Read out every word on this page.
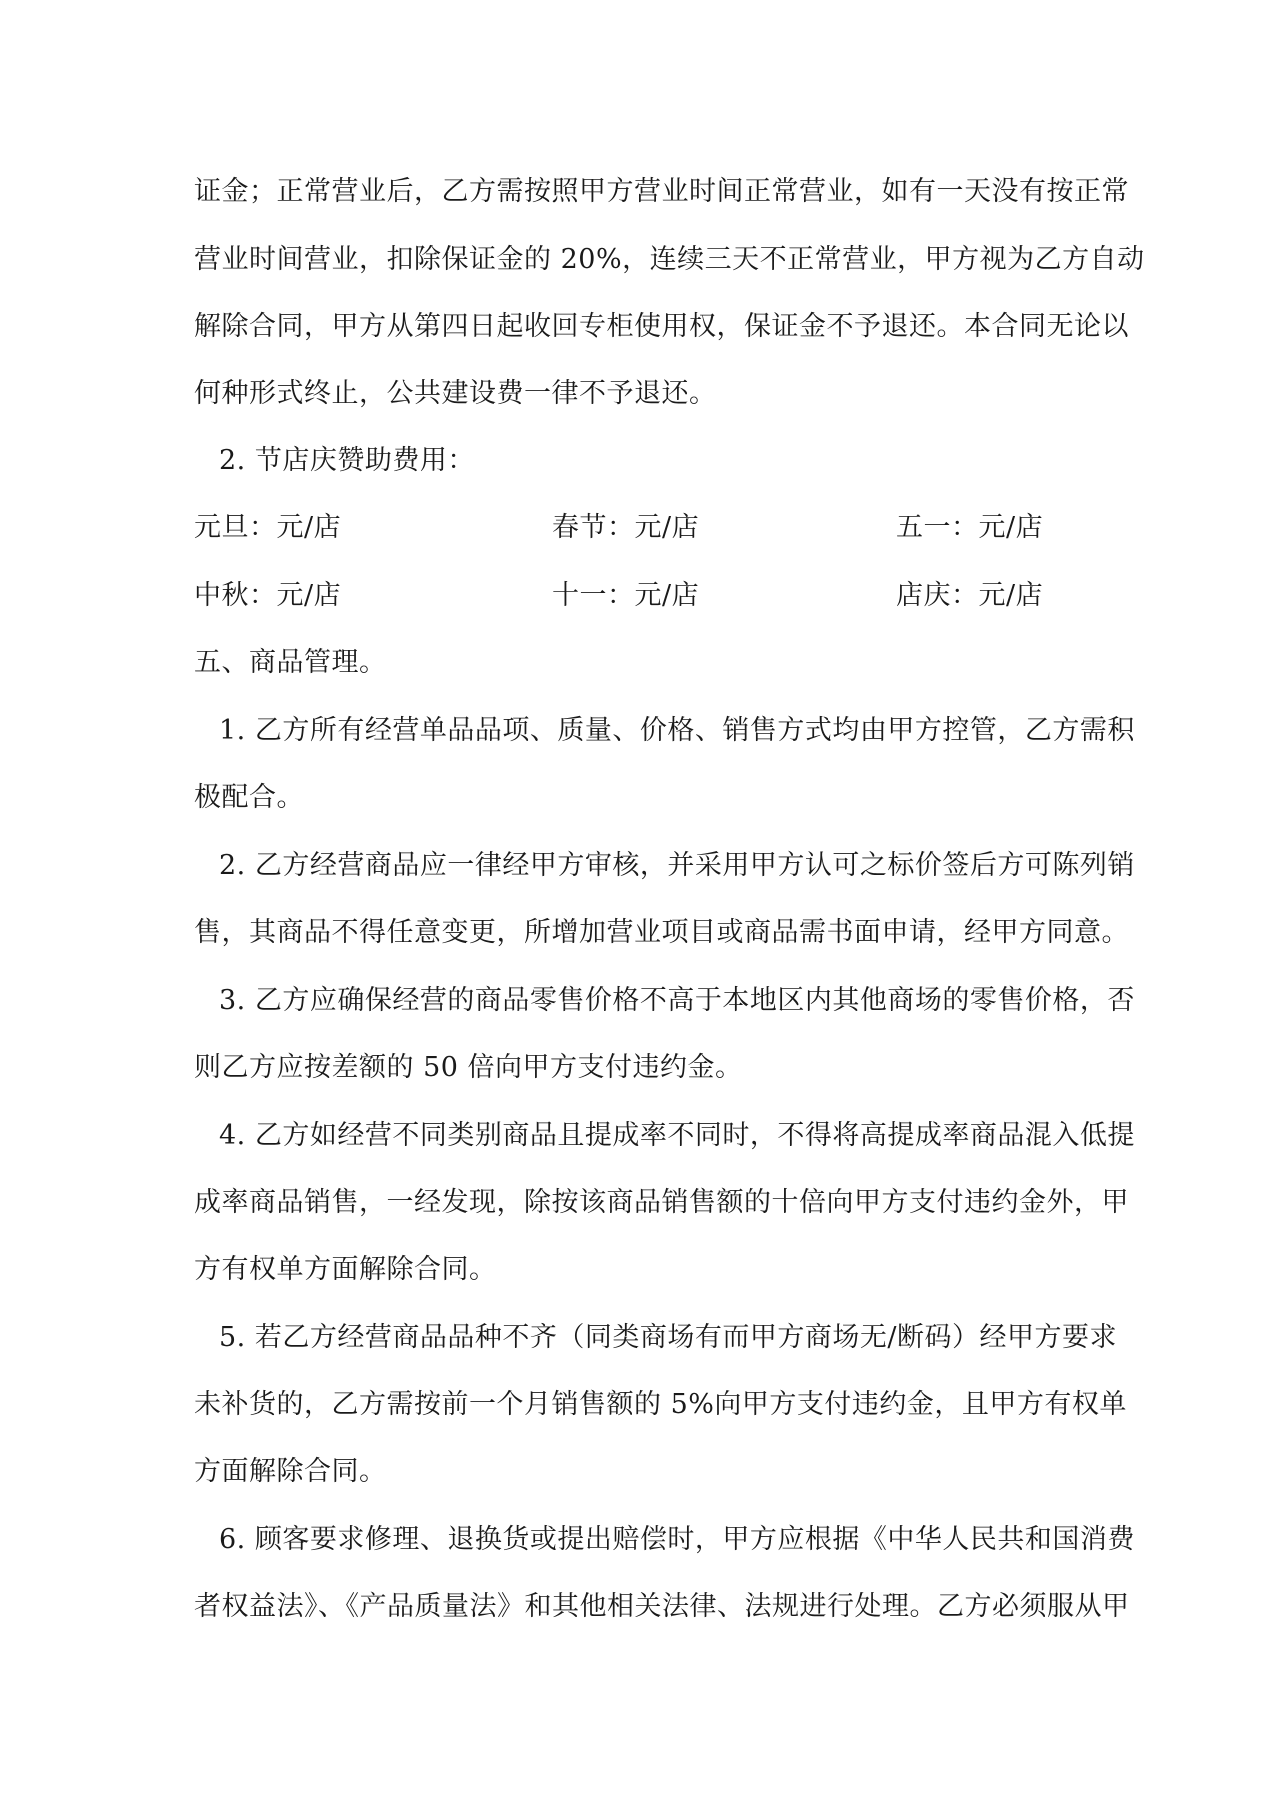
证金；正常营业后，乙方需按照甲方营业时间正常营业，如有一天没有按正常
营业时间营业，扣除保证金的 20%，连续三天不正常营业，甲方视为乙方自动
解除合同，甲方从第四日起收回专柜使用权，保证金不予退还。本合同无论以
何种形式终止，公共建设费一律不予退还。
2. 节店庆赞助费用：
元旦：元/店	春节：元/店	五一：元/店
中秋：元/店	十一：元/店	店庆：元/店
五、商品管理。
1. 乙方所有经营单品品项、质量、价格、销售方式均由甲方控管，乙方需积
极配合。
2. 乙方经营商品应一律经甲方审核，并采用甲方认可之标价签后方可陈列销
售，其商品不得任意变更，所增加营业项目或商品需书面申请，经甲方同意。
3. 乙方应确保经营的商品零售价格不高于本地区内其他商场的零售价格，否
则乙方应按差额的 50 倍向甲方支付违约金。
4. 乙方如经营不同类别商品且提成率不同时，不得将高提成率商品混入低提
成率商品销售，一经发现，除按该商品销售额的十倍向甲方支付违约金外，甲
方有权单方面解除合同。
5. 若乙方经营商品品种不齐（同类商场有而甲方商场无/断码）经甲方要求
未补货的，乙方需按前一个月销售额的 5%向甲方支付违约金，且甲方有权单
方面解除合同。
6. 顾客要求修理、退换货或提出赔偿时，甲方应根据《中华人民共和国消费
者权益法》、《产品质量法》和其他相关法律、法规进行处理。乙方必须服从甲
